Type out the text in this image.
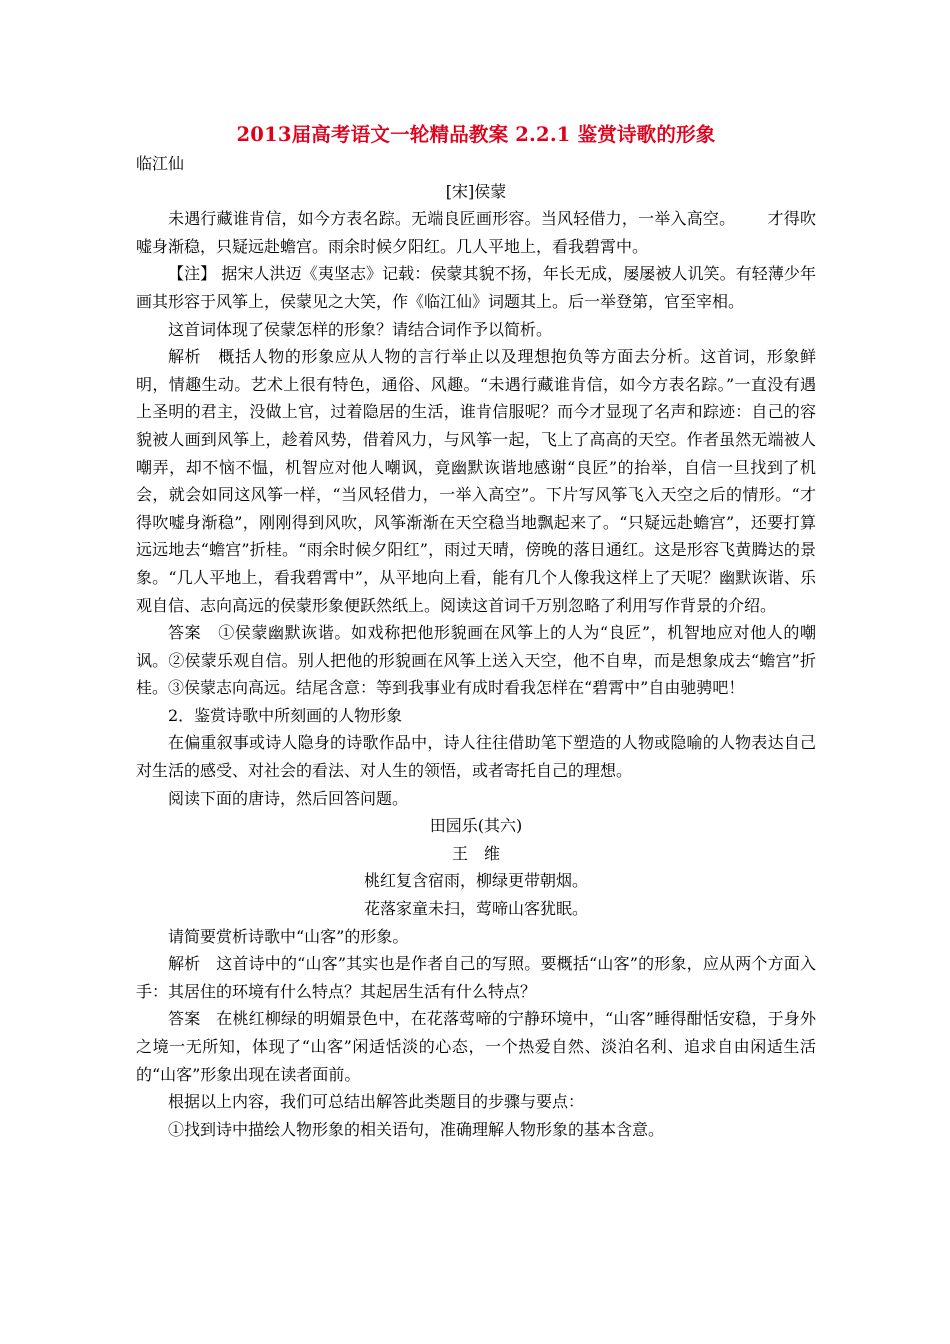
2013届高考语文一轮精品教案 2.2.1 鉴赏诗歌的形象

临江仙

[宋]侯蒙

未遇行藏谁肯信，如今方表名踪。无端良匠画形容。当风轻借力，一举入高空。 才得吹嘘身渐稳，只疑远赴蟾宫。雨余时候夕阳红。几人平地上，看我碧霄中。

【注】 据宋人洪迈《夷坚志》记载：侯蒙其貌不扬，年长无成，屡屡被人讥笑。有轻薄少年画其形容于风筝上，侯蒙见之大笑，作《临江仙》词题其上。后一举登第，官至宰相。

这首词体现了侯蒙怎样的形象？请结合词作予以简析。

解析 概括人物的形象应从人物的言行举止以及理想抱负等方面去分析。这首词，形象鲜明，情趣生动。艺术上很有特色，通俗、风趣。“未遇行藏谁肯信，如今方表名踪。”一直没有遇上圣明的君主，没做上官，过着隐居的生活，谁肯信服呢？而今才显现了名声和踪迹：自己的容貌被人画到风筝上，趁着风势，借着风力，与风筝一起，飞上了高高的天空。作者虽然无端被人嘲弄，却不恼不愠，机智应对他人嘲讽，竟幽默诙谐地感谢“良匠”的抬举，自信一旦找到了机会，就会如同这风筝一样，“当风轻借力，一举入高空”。下片写风筝飞入天空之后的情形。“才得吹嘘身渐稳”，刚刚得到风吹，风筝渐渐在天空稳当地飘起来了。“只疑远赴蟾宫”，还要打算远远地去“蟾宫”折桂。“雨余时候夕阳红”，雨过天晴，傍晚的落日通红。这是形容飞黄腾达的景象。“几人平地上，看我碧霄中”，从平地向上看，能有几个人像我这样上了天呢？幽默诙谐、乐观自信、志向高远的侯蒙形象便跃然纸上。阅读这首词千万别忽略了利用写作背景的介绍。

答案 ①侯蒙幽默诙谐。如戏称把他形貌画在风筝上的人为“良匠”，机智地应对他人的嘲讽。②侯蒙乐观自信。别人把他的形貌画在风筝上送入天空，他不自卑，而是想象成去“蟾宫”折桂。③侯蒙志向高远。结尾含意：等到我事业有成时看我怎样在“碧霄中”自由驰骋吧！

2．鉴赏诗歌中所刻画的人物形象

在偏重叙事或诗人隐身的诗歌作品中，诗人往往借助笔下塑造的人物或隐喻的人物表达自己对生活的感受、对社会的看法、对人生的领悟，或者寄托自己的理想。

阅读下面的唐诗，然后回答问题。

田园乐(其六)

王　维

桃红复含宿雨，柳绿更带朝烟。

花落家童未扫，莺啼山客犹眠。

请简要赏析诗歌中“山客”的形象。

解析 这首诗中的“山客”其实也是作者自己的写照。要概括“山客”的形象，应从两个方面入手：其居住的环境有什么特点？其起居生活有什么特点？

答案 在桃红柳绿的明媚景色中，在花落莺啼的宁静环境中，“山客”睡得酣恬安稳，于身外之境一无所知，体现了“山客”闲适恬淡的心态，一个热爱自然、淡泊名利、追求自由闲适生活的“山客”形象出现在读者面前。

根据以上内容，我们可总结出解答此类题目的步骤与要点：

①找到诗中描绘人物形象的相关语句，准确理解人物形象的基本含意。
